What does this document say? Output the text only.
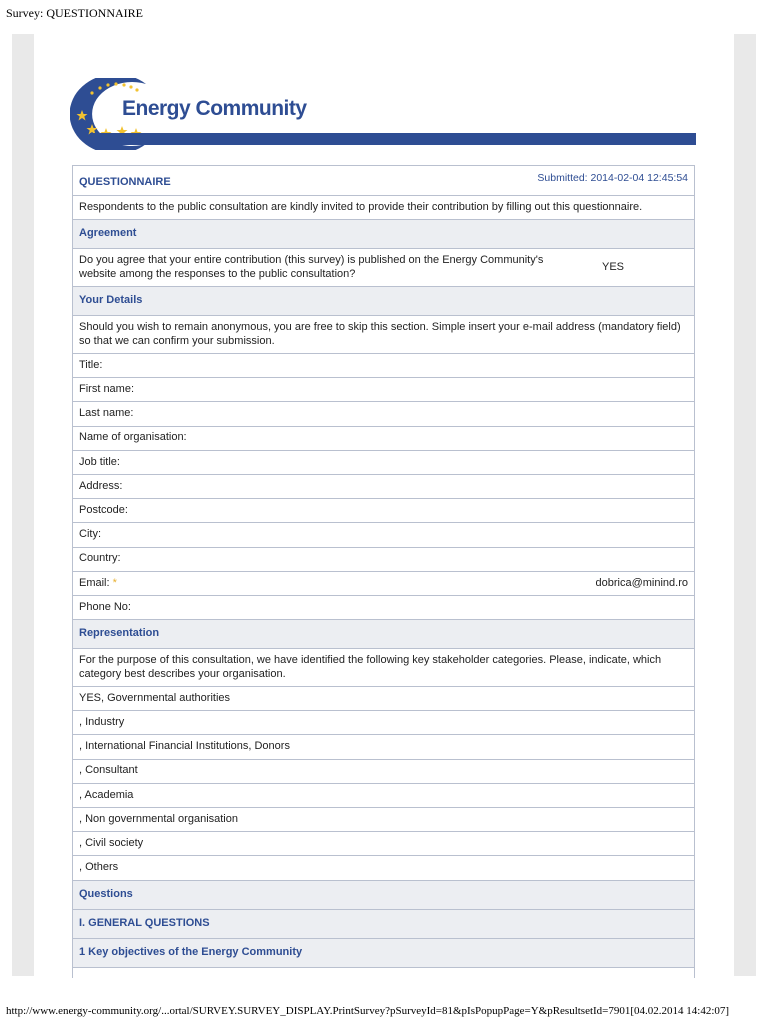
Survey: QUESTIONNAIRE
Energy Community
QUESTIONNAIRE	Submitted: 2014-02-04 12:45:54
Respondents to the public consultation are kindly invited to provide their contribution by filling out this questionnaire.
Agreement
Do you agree that your entire contribution (this survey) is published on the Energy Community's website among the responses to the public consultation?
YES
Your Details
Should you wish to remain anonymous, you are free to skip this section. Simple insert your e-mail address (mandatory field) so that we can confirm your submission.
Title:
First name:
Last name:
Name of organisation:
Job title:
Address:
Postcode:
City:
Country:
Email: *	dobrica@minind.ro
Phone No:
Representation
For the purpose of this consultation, we have identified the following key stakeholder categories. Please, indicate, which category best describes your organisation.
YES, Governmental authorities
, Industry
, International Financial Institutions, Donors
, Consultant
, Academia
, Non governmental organisation
, Civil society
, Others
Questions
I. GENERAL QUESTIONS
1 Key objectives of the Energy Community
http://www.energy-community.org/...ortal/SURVEY.SURVEY_DISPLAY.PrintSurvey?pSurveyId=81&pIsPopupPage=Y&pResultsetId=7901[04.02.2014 14:42:07]
